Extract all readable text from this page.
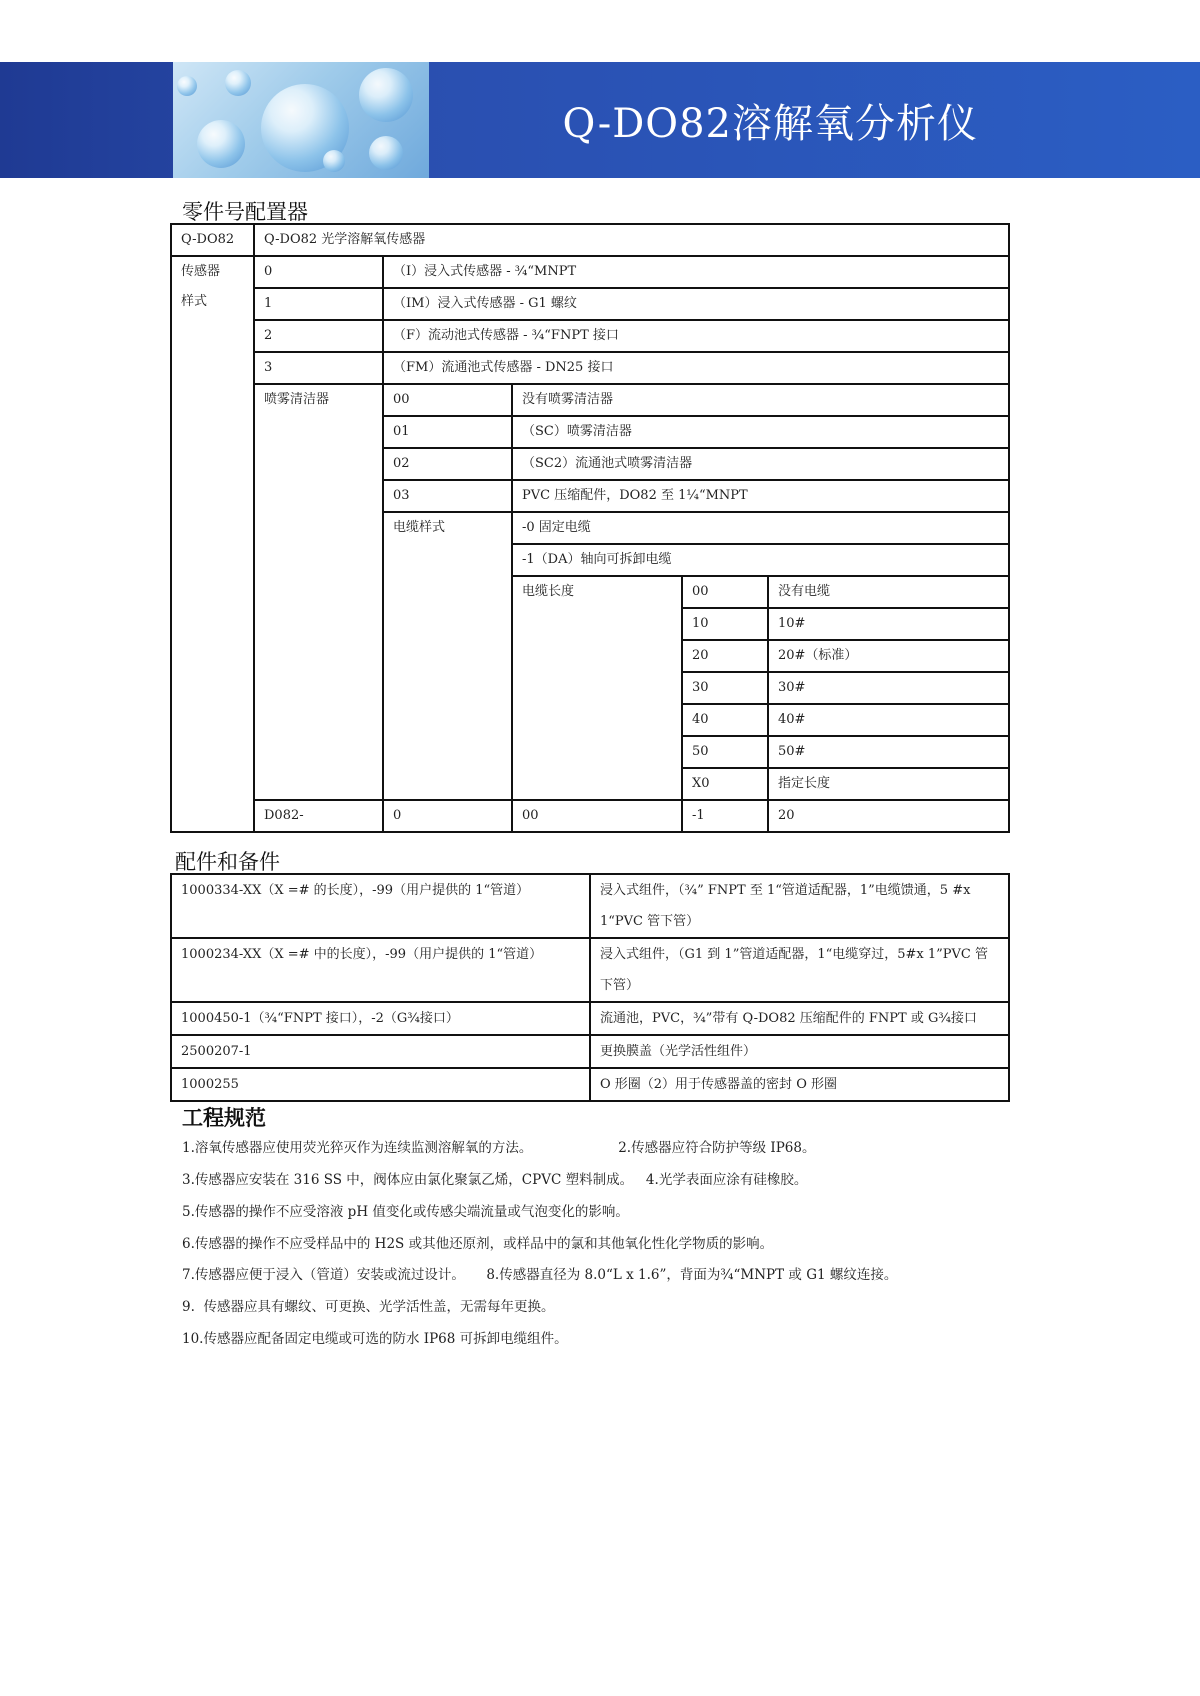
Q-DO82溶解氧分析仪
零件号配置器
Q-DO82	Q-DO82 光学溶解氧传感器				
传感器
样式	0	（I）浸入式传感器 - ¾“MNPT			
	1	（IM）浸入式传感器 - G1 螺纹			
	2	（F）流动池式传感器 - ¾“FNPT 接口			
	3	（FM）流通池式传感器 - DN25 接口			
	喷雾清洁器	00	没有喷雾清洁器		
		01	（SC）喷雾清洁器		
		02	（SC2）流通池式喷雾清洁器		
		03	PVC 压缩配件，DO82 至 1¼“MNPT		
		电缆样式	-0 固定电缆		
			-1（DA）轴向可拆卸电缆		
			电缆长度	00	没有电缆
				10	10#
				20	20#（标准）
				30	30#
				40	40#
				50	50#
				X0	指定长度
	D082-	0	00	-1	20
配件和备件
1000334-XX（X =# 的长度），-99（用户提供的 1“管道）	浸入式组件，（¾” FNPT 至 1“管道适配器，1”电缆馈通，5 #x 1“PVC 管下管）
1000234-XX（X =# 中的长度），-99（用户提供的 1“管道）	浸入式组件，（G1 到 1”管道适配器，1“电缆穿过，5#x 1”PVC 管下管）
1000450-1（¾“FNPT 接口），-2（G¾接口）	流通池，PVC，¾”带有 Q-DO82 压缩配件的 FNPT 或 G¾接口
2500207-1	更换膜盖（光学活性组件）
1000255	O 形圈（2）用于传感器盖的密封 O 形圈
工程规范
1.溶氧传感器应使用荧光猝灭作为连续监测溶解氧的方法。                    2.传感器应符合防护等级 IP68。
3.传感器应安装在 316 SS 中，阀体应由氯化聚氯乙烯，CPVC 塑料制成。   4.光学表面应涂有硅橡胶。
5.传感器的操作不应受溶液 pH 值变化或传感尖端流量或气泡变化的影响。
6.传感器的操作不应受样品中的 H2S 或其他还原剂，或样品中的氯和其他氧化性化学物质的影响。
7.传感器应便于浸入（管道）安装或流过设计。     8.传感器直径为 8.0“L x 1.6”，背面为¾“MNPT 或 G1 螺纹连接。
9.  传感器应具有螺纹、可更换、光学活性盖，无需每年更换。
10.传感器应配备固定电缆或可选的防水 IP68 可拆卸电缆组件。
